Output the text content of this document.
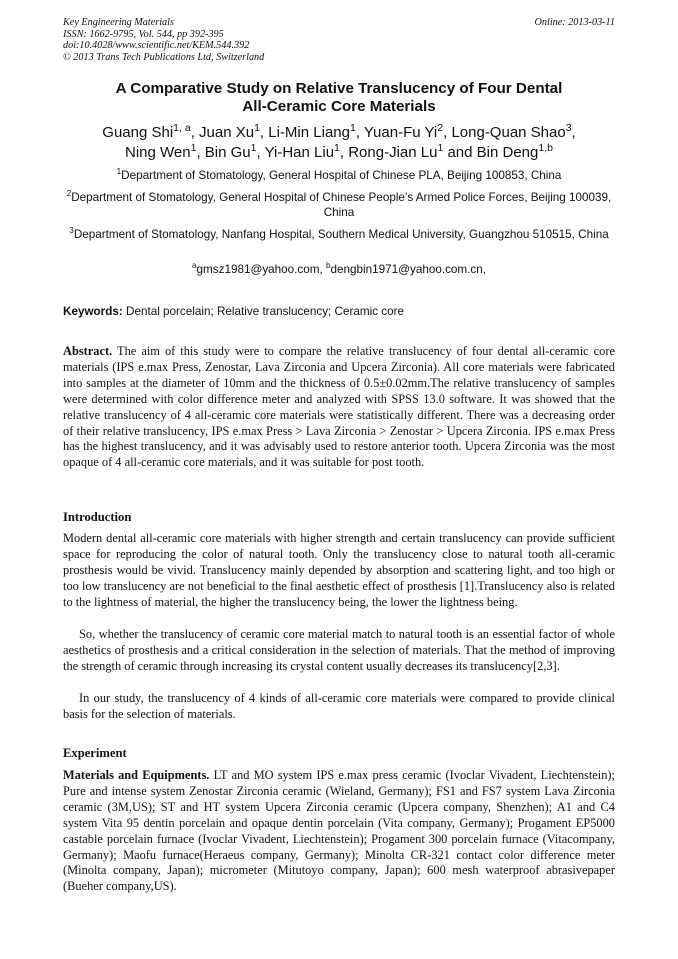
Key Engineering Materials
ISSN: 1662-9795, Vol. 544, pp 392-395
doi:10.4028/www.scientific.net/KEM.544.392
© 2013 Trans Tech Publications Ltd, Switzerland
Online: 2013-03-11
A Comparative Study on Relative Translucency of Four Dental
All-Ceramic Core Materials
Guang Shi$^{1, a}$, Juan Xu$^1$, Li-Min Liang$^1$, Yuan-Fu Yi$^2$, Long-Quan Shao$^3$,
Ning Wen$^1$, Bin Gu$^1$, Yi-Han Liu$^1$, Rong-Jian Lu$^1$ and Bin Deng$^{1,b}$
$^1$Department of Stomatology, General Hospital of Chinese PLA, Beijing 100853, China
$^2$Department of Stomatology, General Hospital of Chinese People’s Armed Police Forces, Beijing 100039, China
$^3$Department of Stomatology, Nanfang Hospital, Southern Medical University, Guangzhou 510515, China
$^a$gmsz1981@yahoo.com, $^b$dengbin1971@yahoo.com.cn,
Keywords: Dental porcelain; Relative translucency; Ceramic core
Abstract. The aim of this study were to compare the relative translucency of four dental all-ceramic core materials (IPS e.max Press, Zenostar, Lava Zirconia and Upcera Zirconia). All core materials were fabricated into samples at the diameter of 10mm and the thickness of 0.5±0.02mm.The relative translucency of samples were determined with color difference meter and analyzed with SPSS 13.0 software. It was showed that the relative translucency of 4 all-ceramic core materials were statistically different. There was a decreasing order of their relative translucency, IPS e.max Press > Lava Zirconia > Zenostar > Upcera Zirconia. IPS e.max Press has the highest translucency, and it was advisably used to restore anterior tooth. Upcera Zirconia was the most opaque of 4 all-ceramic core materials, and it was suitable for post tooth.
Introduction
Modern dental all-ceramic core materials with higher strength and certain translucency can provide sufficient space for reproducing the color of natural tooth. Only the translucency close to natural tooth all-ceramic prosthesis would be vivid. Translucency mainly depended by absorption and scattering light, and too high or too low translucency are not beneficial to the final aesthetic effect of prosthesis [1].Translucency also is related to the lightness of material, the higher the translucency being, the lower the lightness being.
So, whether the translucency of ceramic core material match to natural tooth is an essential factor of whole aesthetics of prosthesis and a critical consideration in the selection of materials. That the method of improving the strength of ceramic through increasing its crystal content usually decreases its translucency[2,3].
In our study, the translucency of 4 kinds of all-ceramic core materials were compared to provide clinical basis for the selection of materials.
Experiment
Materials and Equipments. LT and MO system IPS e.max press ceramic (Ivoclar Vivadent, Liechtenstein); Pure and intense system Zenostar Zirconia ceramic (Wieland, Germany); FS1 and FS7 system Lava Zirconia ceramic (3M,US); ST and HT system Upcera Zirconia ceramic (Upcera company, Shenzhen); A1 and C4 system Vita 95 dentin porcelain and opaque dentin porcelain (Vita company, Germany); Progament EP5000 castable porcelain furnace (Ivoclar Vivadent, Liechtenstein); Progament 300 porcelain furnace (Vitacompany, Germany); Maofu furnace(Heraeus company, Germany); Minolta CR-321 contact color difference meter (Minolta company, Japan); micrometer (Mitutoyo company, Japan); 600 mesh waterproof abrasivepaper (Bueher company,US).
